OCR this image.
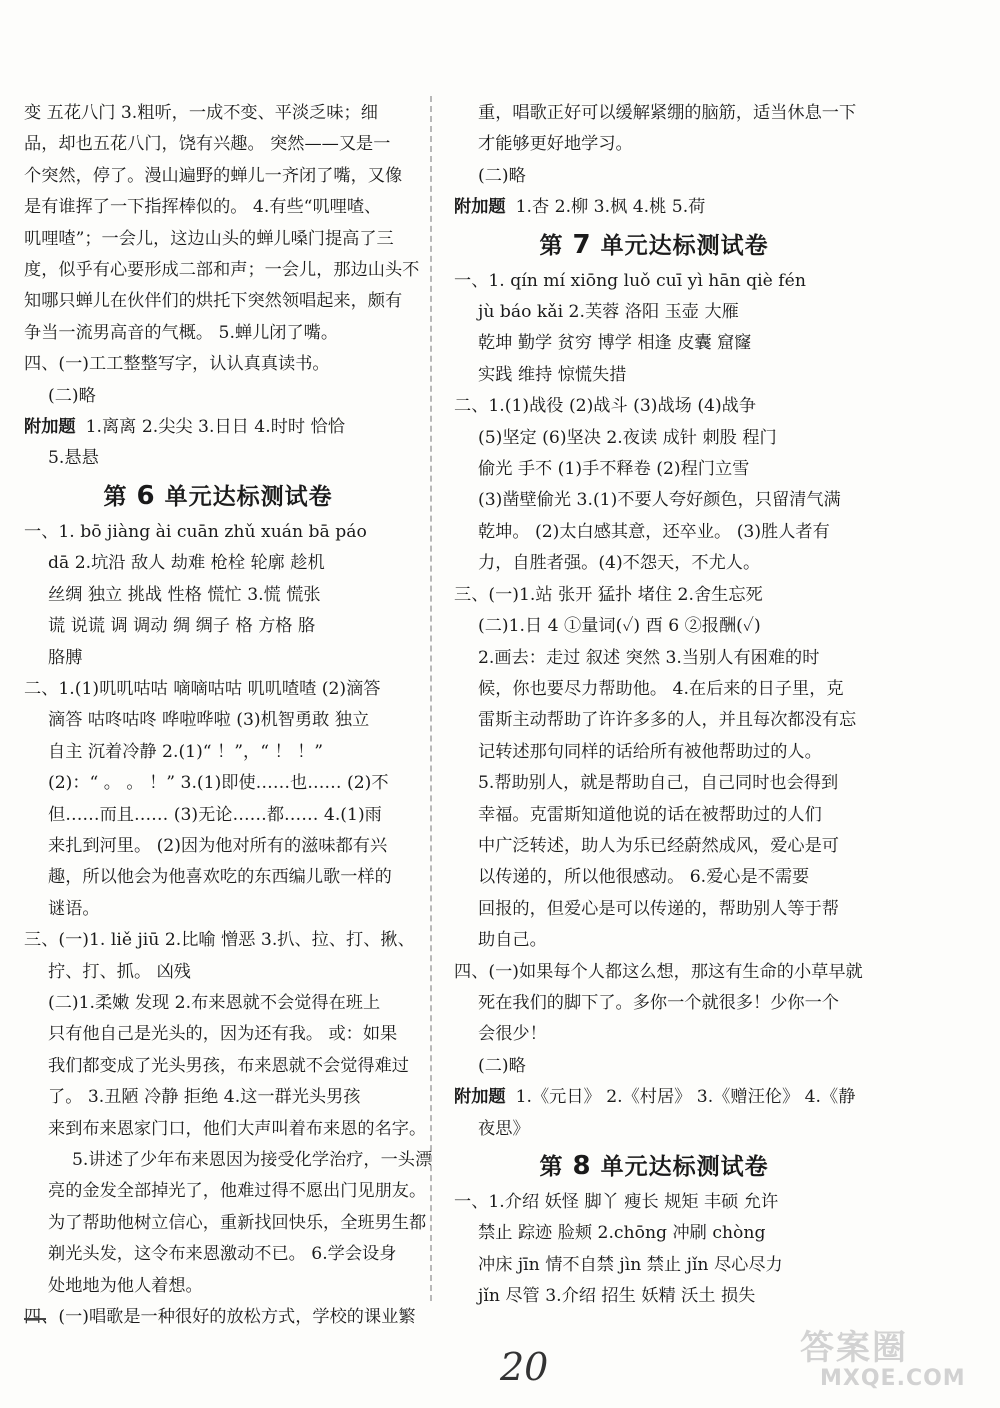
变 五花八门 3.粗听，一成不变、平淡乏味；细
品，却也五花八门，饶有兴趣。 突然——又是一
个突然，停了。漫山遍野的蝉儿一齐闭了嘴，又像
是有谁挥了一下指挥棒似的。 4.有些“叽哩喳、
叽哩喳”；一会儿，这边山头的蝉儿嗓门提高了三
度，似乎有心要形成二部和声；一会儿，那边山头不
知哪只蝉儿在伙伴们的烘托下突然领唱起来，颇有
争当一流男高音的气概。 5.蝉儿闭了嘴。
四、(一)工工整整写字，认认真真读书。
(二)略
附加题 1.离离 2.尖尖 3.日日 4.时时 恰恰
5.悬悬
第 6 单元达标测试卷
一、1. bō jiàng ài cuān zhǔ xuán bā páo
dā 2.坑沿 敌人 劫难 枪栓 轮廓 趁机
丝绸 独立 挑战 性格 慌忙 3.慌 慌张
谎 说谎 调 调动 绸 绸子 格 方格 胳
胳膊
二、1.(1)叽叽咕咕 嘀嘀咕咕 叽叽喳喳 (2)滴答
滴答 咕咚咕咚 哗啦哗啦 (3)机智勇敢 独立
自主 沉着冷静 2.(1)“ ！”，“ ！ ！”
(2)：“ 。 。 ！” 3.(1)即使……也…… (2)不
但……而且…… (3)无论……都…… 4.(1)雨
来扎到河里。 (2)因为他对所有的滋味都有兴
趣，所以他会为他喜欢吃的东西编儿歌一样的
谜语。
三、(一)1. liě jiū 2.比喻 憎恶 3.扒、拉、打、揪、
拧、打、抓。 凶残
(二)1.柔嫩 发现 2.布来恩就不会觉得在班上
只有他自己是光头的，因为还有我。 或：如果
我们都变成了光头男孩，布来恩就不会觉得难过
了。 3.丑陋 冷静 拒绝 4.这一群光头男孩
来到布来恩家门口，他们大声叫着布来恩的名字。
5.讲述了少年布来恩因为接受化学治疗，一头漂
亮的金发全部掉光了，他难过得不愿出门见朋友。
为了帮助他树立信心，重新找回快乐，全班男生都
剃光头发，这令布来恩激动不已。 6.学会设身
处地地为他人着想。
四、(一)唱歌是一种很好的放松方式，学校的课业繁
重，唱歌正好可以缓解紧绷的脑筋，适当休息一下
才能够更好地学习。
(二)略
附加题 1.杏 2.柳 3.枫 4.桃 5.荷
第 7 单元达标测试卷
一、1. qín mí xiōng luǒ cuī yì hān qiè fén
jù báo kǎi 2.芙蓉 洛阳 玉壶 大雁
乾坤 勤学 贫穷 博学 相逢 皮囊 窟窿
实践 维持 惊慌失措
二、1.(1)战役 (2)战斗 (3)战场 (4)战争
(5)坚定 (6)坚决 2.夜读 成针 刺股 程门
偷光 手不 (1)手不释卷 (2)程门立雪
(3)凿壁偷光 3.(1)不要人夸好颜色，只留清气满
乾坤。 (2)太白感其意，还卒业。 (3)胜人者有
力，自胜者强。(4)不怨天，不尤人。
三、(一)1.站 张开 猛扑 堵住 2.舍生忘死
(二)1.日 4 ①量词(✓) 酉 6 ②报酬(✓)
2.画去：走过 叙述 突然 3.当别人有困难的时
候，你也要尽力帮助他。 4.在后来的日子里，克
雷斯主动帮助了许许多多的人，并且每次都没有忘
记转述那句同样的话给所有被他帮助过的人。
5.帮助别人，就是帮助自己，自己同时也会得到
幸福。克雷斯知道他说的话在被帮助过的人们
中广泛转述，助人为乐已经蔚然成风，爱心是可
以传递的，所以他很感动。 6.爱心是不需要
回报的，但爱心是可以传递的，帮助别人等于帮
助自己。
四、(一)如果每个人都这么想，那这有生命的小草早就
死在我们的脚下了。多你一个就很多！少你一个
会很少！
(二)略
附加题 1.《元日》 2.《村居》 3.《赠汪伦》 4.《静
夜思》
第 8 单元达标测试卷
一、1.介绍 妖怪 脚丫 瘦长 规矩 丰硕 允许
禁止 踪迹 脸颊 2.chōng 冲刷 chòng
冲床 jīn 情不自禁 jìn 禁止 jǐn 尽心尽力
jǐn 尽管 3.介绍 招生 妖精 沃土 损失
20	答案圈
MXQE.COM
